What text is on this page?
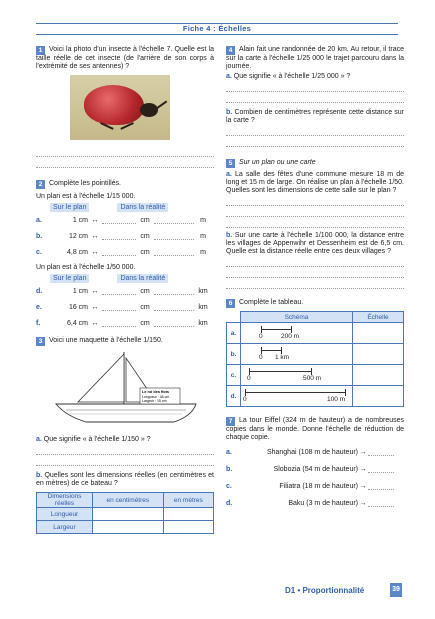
Fiche 4 : Échelles

1 Voici la photo d'un insecte à l'échelle 7. Quelle est la taille réelle de cet insecte (de l'arrière de son corps à l'extrémité de ses antennes) ?

2 Complète les pointillés.

Un plan est à l'échelle 1/15 000.

Sur le plan	Dans la réalité
a.	1 cm ↔	cm	m
b.	12 cm ↔	cm	m
c.	4,8 cm ↔	cm	m

Un plan est à l'échelle 1/50 000.

Sur le plan	Dans la réalité
d.	1 cm ↔	cm	km
e.	16 cm ↔	cm	km
f.	6,4 cm ↔	cm	km

3 Voici une maquette à l'échelle 1/150.

Le roi des flots
Longueur : 48 cm
Largeur : 15 cm

a. Que signifie « à l'échelle 1/150 » ?

b. Quelles sont les dimensions réelles (en centimètres et en mètres) de ce bateau ?

Dimensions réelles	en centimètres	en mètres
Longueur		
Largeur		

4 Alain fait une randonnée de 20 km. Au retour, il trace sur la carte à l'échelle 1/25 000 le trajet parcouru dans la journée.

a. Que signifie « à l'échelle 1/25 000 » ?

b. Combien de centimètres représente cette distance sur la carte ?

5 Sur un plan ou une carte

a. La salle des fêtes d'une commune mesure 18 m de long et 15 m de large. On réalise un plan à l'échelle 1/50. Quelles sont les dimensions de cette salle sur le plan ?

b. Sur une carte à l'échelle 1/100 000, la distance entre les villages de Appenwihr et Dessenheim est de 6,5 cm. Quelle est la distance réelle entre ces deux villages ?

6 Complète le tableau.

	Schéma	Échelle
a.	0 200 m	

b.	0 1 km	

c.	0 500 m	

d.	0 100 m	

7 La tour Eiffel (324 m de hauteur) a de nombreuses copies dans le monde. Donne l'échelle de réduction de chaque copie.

a.	Shanghai (108 m de hauteur) →
b.	Slobozia (54 m de hauteur) →
c.	Filiatra (18 m de hauteur) →
d.	Baku (3 m de hauteur) →
D1 • Proportionnalité	39
